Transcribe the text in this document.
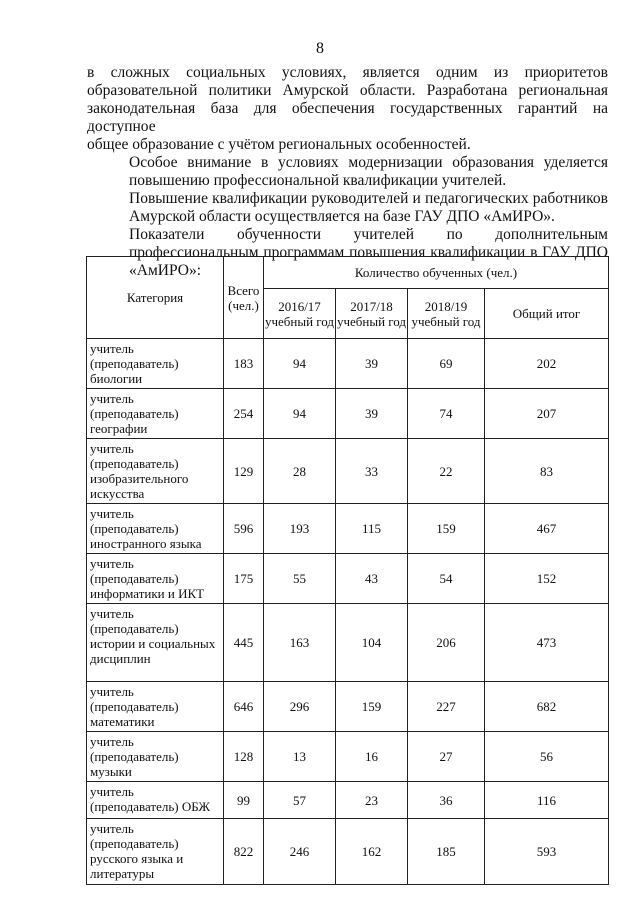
8

в сложных социальных условиях, является одним из приоритетов
образовательной политики Амурской области. Разработана региональная
законодательная база для обеспечения государственных гарантий на доступное
общее образование с учётом региональных особенностей.

Особое внимание в условиях модернизации образования уделяется
повышению профессиональной квалификации учителей.

Повышение квалификации руководителей и педагогических работников
Амурской области осуществляется на базе ГАУ ДПО «АмИРО».

Показатели обученности учителей по дополнительным
профессиональным программам повышения квалификации в ГАУ ДПО
«АмИРО»:

Категория	Всего (чел.)	Количество обученных (чел.)			
		2016/17 учебный год	2017/18 учебный год	2018/19 учебный год	Общий итог
учитель (преподаватель) биологии	183	94	39	69	202
учитель (преподаватель) географии	254	94	39	74	207
учитель (преподаватель) изобразительного искусства	129	28	33	22	83
учитель (преподаватель) иностранного языка	596	193	115	159	467
учитель (преподаватель) информатики и ИКТ	175	55	43	54	152
учитель (преподаватель) истории и социальных дисциплин	445	163	104	206	473
учитель (преподаватель) математики	646	296	159	227	682
учитель (преподаватель) музыки	128	13	16	27	56
учитель (преподаватель) ОБЖ	99	57	23	36	116
учитель (преподаватель) русского языка и литературы	822	246	162	185	593
